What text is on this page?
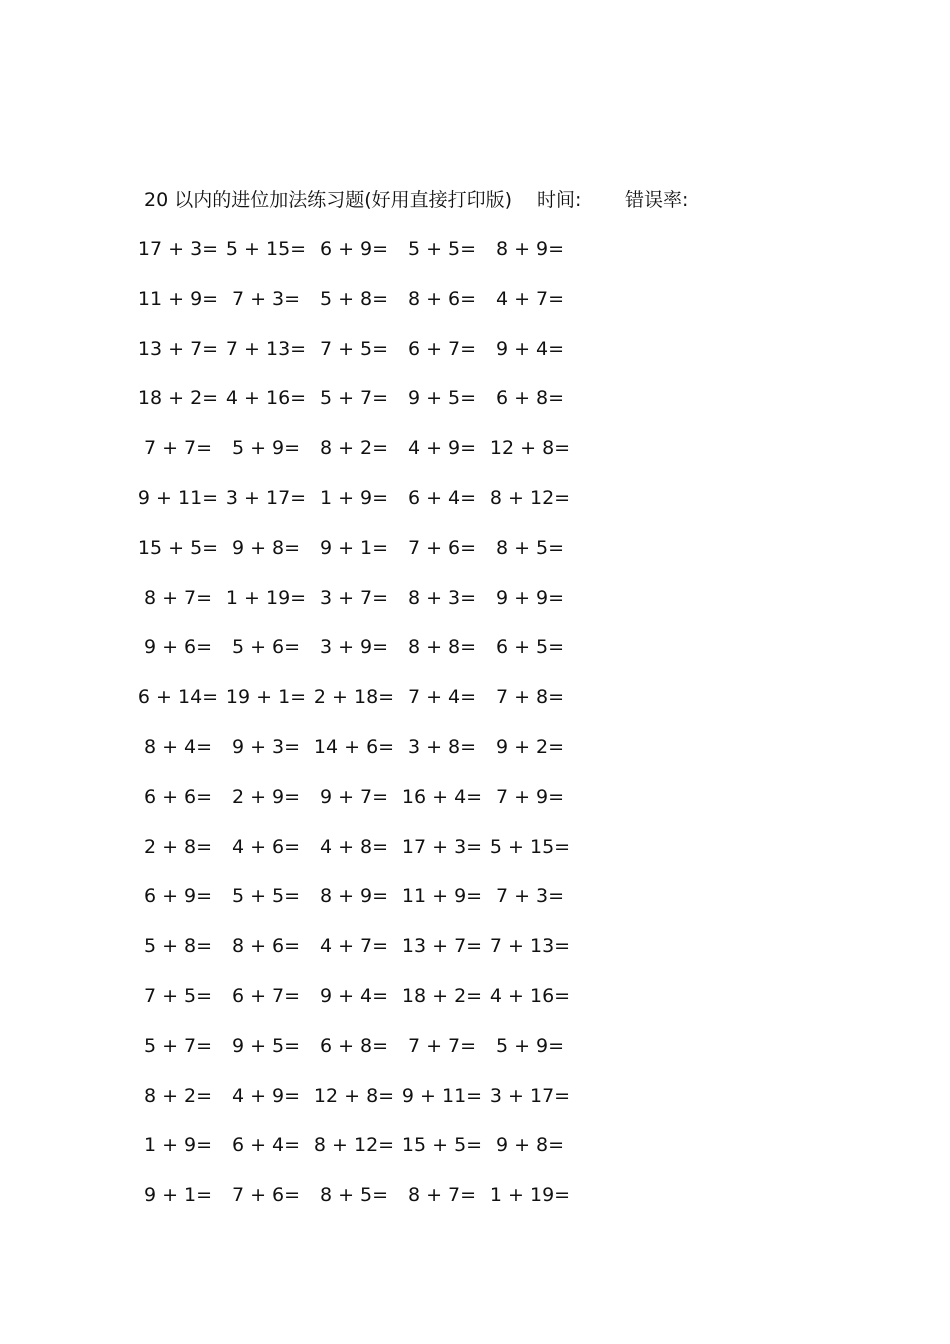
20 以内的进位加法练习题(好用直接打印版) 时间: 错误率:
17 + 3= 5 + 15= 6 + 9=	5 + 5=	8 + 9=
11 + 9= 7 + 3=	5 + 8=	8 + 6=	4 + 7=
13 + 7= 7 + 13= 7 + 5=	6 + 7=	9 + 4=
18 + 2= 4 + 16= 5 + 7=	9 + 5=	6 + 8=
7 + 7=	5 + 9=	8 + 2=	4 + 9= 12 + 8=
9 + 11= 3 + 17= 1 + 9=	6 + 4= 8 + 12=
15 + 5= 9 + 8=	9 + 1=	7 + 6=	8 + 5=
8 + 7= 1 + 19= 3 + 7=	8 + 3=	9 + 9=
9 + 6=	5 + 6=	3 + 9=	8 + 8=	6 + 5=
6 + 14= 19 + 1= 2 + 18= 7 + 4=	7 + 8=
8 + 4=	9 + 3= 14 + 6= 3 + 8=	9 + 2=
6 + 6=	2 + 9=	9 + 7= 16 + 4= 7 + 9=
2 + 8=	4 + 6=	4 + 8= 17 + 3= 5 + 15=
6 + 9=	5 + 5=	8 + 9= 11 + 9= 7 + 3=
5 + 8=	8 + 6=	4 + 7= 13 + 7= 7 + 13=
7 + 5=	6 + 7=	9 + 4= 18 + 2= 4 + 16=
5 + 7=	9 + 5=	6 + 8=	7 + 7=	5 + 9=
8 + 2=	4 + 9= 12 + 8= 9 + 11= 3 + 17=
1 + 9=	6 + 4= 8 + 12= 15 + 5= 9 + 8=
9 + 1=	7 + 6=	8 + 5=	8 + 7= 1 + 19=
